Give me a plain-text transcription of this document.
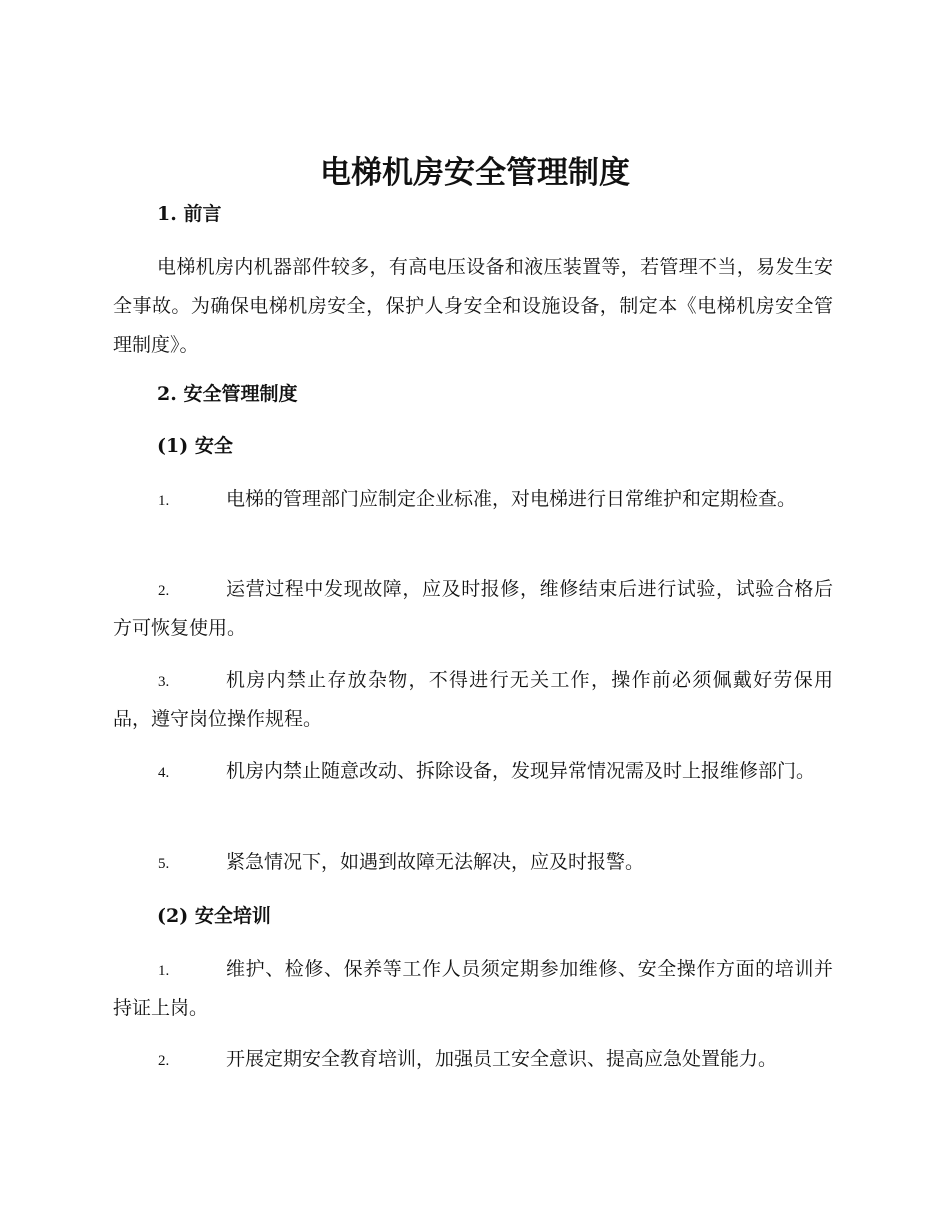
电梯机房安全管理制度
1. 前言
电梯机房内机器部件较多，有高电压设备和液压装置等，若管理不当，易发生安全事故。为确保电梯机房安全，保护人身安全和设施设备，制定本《电梯机房安全管理制度》。
2. 安全管理制度
(1) 安全
1.	电梯的管理部门应制定企业标准，对电梯进行日常维护和定期检查。
2.	运营过程中发现故障，应及时报修，维修结束后进行试验，试验合格后方可恢复使用。
3.	机房内禁止存放杂物，不得进行无关工作，操作前必须佩戴好劳保用品，遵守岗位操作规程。
4.	机房内禁止随意改动、拆除设备，发现异常情况需及时上报维修部门。
5.	紧急情况下，如遇到故障无法解决，应及时报警。
(2) 安全培训
1.	维护、检修、保养等工作人员须定期参加维修、安全操作方面的培训并持证上岗。
2.	开展定期安全教育培训，加强员工安全意识、提高应急处置能力。
